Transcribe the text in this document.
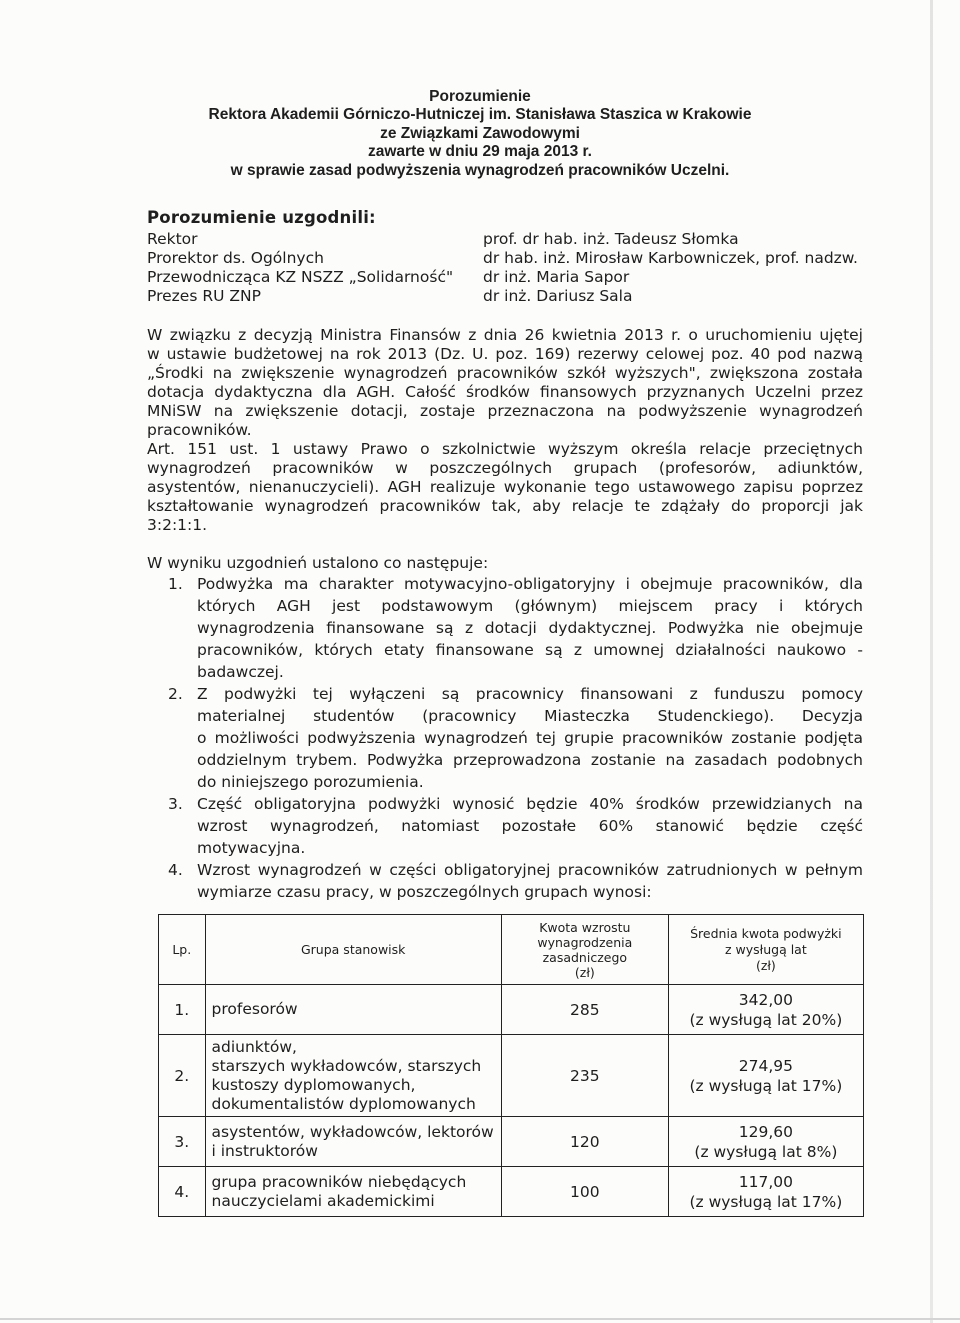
Porozumienie
Rektora Akademii Górniczo-Hutniczej im. Stanisława Staszica w Krakowie
ze Związkami Zawodowymi
zawarte w dniu 29 maja 2013 r.
w sprawie zasad podwyższenia wynagrodzeń pracowników Uczelni.
Porozumienie uzgodnili:
Rektor	prof. dr hab. inż. Tadeusz Słomka
Prorektor ds. Ogólnych	dr hab. inż. Mirosław Karbowniczek, prof. nadzw.
Przewodnicząca KZ NSZZ „Solidarność" dr inż. Maria Sapor
Prezes RU ZNP	dr inż. Dariusz Sala
W związku z decyzją Ministra Finansów z dnia 26 kwietnia 2013 r. o uruchomieniu ujętej
w ustawie budżetowej na rok 2013 (Dz. U. poz. 169) rezerwy celowej poz. 40 pod nazwą
„Środki na zwiększenie wynagrodzeń pracowników szkół wyższych", zwiększona została
dotacja dydaktyczna dla AGH. Całość środków finansowych przyznanych Uczelni przez
MNiSW na zwiększenie dotacji, zostaje przeznaczona na podwyższenie wynagrodzeń
pracowników.
Art. 151 ust. 1 ustawy Prawo o szkolnictwie wyższym określa relacje przeciętnych
wynagrodzeń pracowników w poszczególnych grupach (profesorów, adiunktów,
asystentów, nienanuczycieli). AGH realizuje wykonanie tego ustawowego zapisu poprzez
kształtowanie wynagrodzeń pracowników tak, aby relacje te zdążały do proporcji jak
3:2:1:1.
W wyniku uzgodnień ustalono co następuje:
1. Podwyżka ma charakter motywacyjno-obligatoryjny i obejmuje pracowników, dla
których AGH jest podstawowym (głównym) miejscem pracy i których
wynagrodzenia finansowane są z dotacji dydaktycznej. Podwyżka nie obejmuje
pracowników, których etaty finansowane są z umownej działalności naukowo -
badawczej.
2. Z podwyżki tej wyłączeni są pracownicy finansowani z funduszu pomocy
materialnej studentów (pracownicy Miasteczka Studenckiego). Decyzja
o możliwości podwyższenia wynagrodzeń tej grupie pracowników zostanie podjęta
oddzielnym trybem. Podwyżka przeprowadzona zostanie na zasadach podobnych
do niniejszego porozumienia.
3. Część obligatoryjna podwyżki wynosić będzie 40% środków przewidzianych na
wzrost wynagrodzeń, natomiast pozostałe 60% stanowić będzie część
motywacyjna.
4. Wzrost wynagrodzeń w części obligatoryjnej pracowników zatrudnionych w pełnym
wymiarze czasu pracy, w poszczególnych grupach wynosi:
Lp.	Grupa stanowisk	Kwota wzrostu
wynagrodzenia
zasadniczego
(zł)	Średnia kwota podwyżki
z wysługą lat
(zł)

1.	profesorów	285	342,00
(z wysługą lat 20%)

2.	adiunktów,
starszych wykładowców, starszych
kustoszy dyplomowanych,
dokumentalistów dyplomowanych	235	274,95
(z wysługą lat 17%)

3.	asystentów, wykładowców, lektorów
i instruktorów	120	129,60
(z wysługą lat 8%)

4.	grupa pracowników niebędących
nauczycielami akademickimi	100	117,00
(z wysługą lat 17%)
